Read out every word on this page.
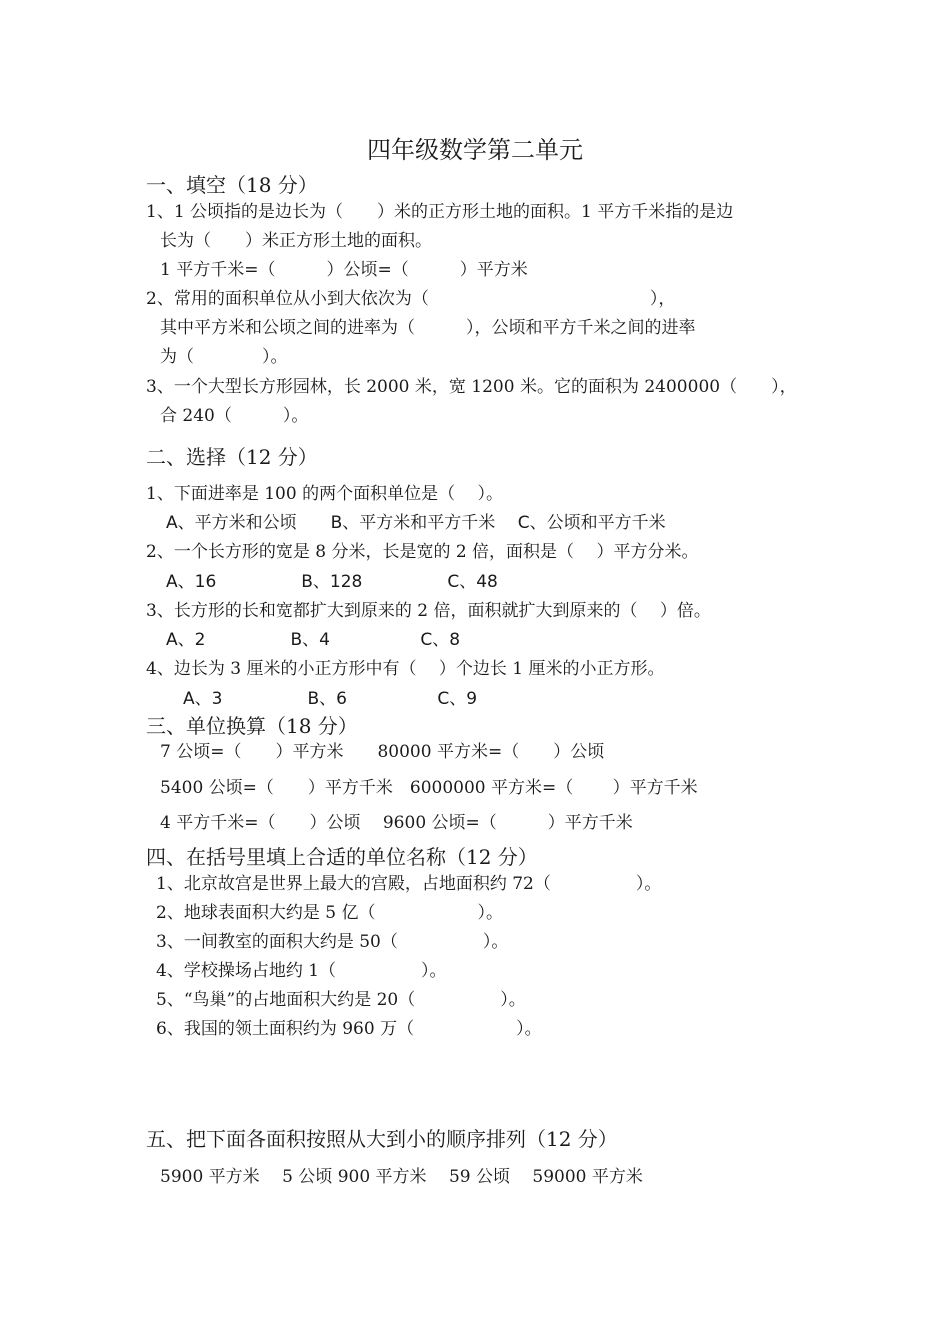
四年级数学第二单元
一、填空（18 分）
1、1 公顷指的是边长为（　　）米的正方形土地的面积。1 平方千米指的是边
长为（　　）米正方形土地的面积。
1 平方千米=（　　　）公顷=（　　　）平方米
2、常用的面积单位从小到大依次为（　　　　　　　　　　　　　），
其中平方米和公顷之间的进率为（　　　），公顷和平方千米之间的进率
为（　　　　）。
3、一个大型长方形园林，长 2000 米，宽 1200 米。它的面积为 2400000（　　），
合 240（　　　）。
二、选择（12 分）
1、下面进率是 100 的两个面积单位是（　 ）。
A、平方米和公顷　　B、平方米和平方千米　 C、公顷和平方千米
2、一个长方形的宽是 8 分米，长是宽的 2 倍，面积是（　 ）平方分米。
A、16　　　　　B、128　　　　　C、48
3、长方形的长和宽都扩大到原来的 2 倍，面积就扩大到原来的（　 ）倍。
A、2　　　　　B、4　　　　　 C、8
4、边长为 3 厘米的小正方形中有（　 ）个边长 1 厘米的小正方形。
A、3　　　　　B、6　　　　　 C、9
三、单位换算（18 分）
7 公顷=（　　）平方米　　80000 平方米=（　　）公顷
5400 公顷=（　　）平方千米　6000000 平方米=（　　 ）平方千米
4 平方千米=（　　）公顷　 9600 公顷=（　　　）平方千米
四、在括号里填上合适的单位名称（12 分）
1、北京故宫是世界上最大的宫殿，占地面积约 72（　　　　　）。
2、地球表面积大约是 5 亿（　　　　　　）。
3、一间教室的面积大约是 50（　　　　　）。
4、学校操场占地约 1（　　　　　）。
5、“鸟巢”的占地面积大约是 20（　　　　　）。
6、我国的领土面积约为 960 万（　　　　　　）。
五、把下面各面积按照从大到小的顺序排列（12 分）
5900 平方米　 5 公顷 900 平方米　 59 公顷　 59000 平方米
